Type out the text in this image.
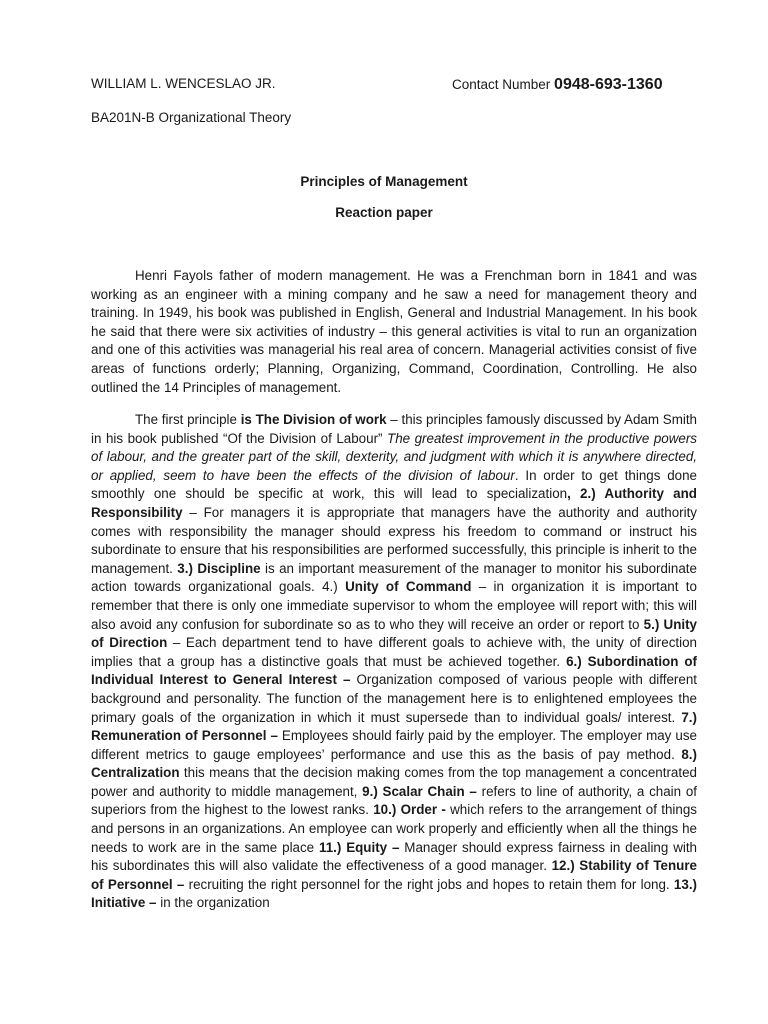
WILLIAM L. WENCESLAO JR.	Contact Number 0948-693-1360
BA201N-B Organizational Theory
Principles of Management
Reaction paper

Henri Fayols father of modern management. He was a Frenchman born in 1841 and was working as an engineer with a mining company and he saw a need for management theory and training. In 1949, his book was published in English, General and Industrial Management. In his book he said that there were six activities of industry – this general activities is vital to run an organization and one of this activities was managerial his real area of concern. Managerial activities consist of five areas of functions orderly; Planning, Organizing, Command, Coordination, Controlling. He also outlined the 14 Principles of management.

The first principle is The Division of work – this principles famously discussed by Adam Smith in his book published “Of the Division of Labour” The greatest improvement in the productive powers of labour, and the greater part of the skill, dexterity, and judgment with which it is anywhere directed, or applied, seem to have been the effects of the division of labour. In order to get things done smoothly one should be specific at work, this will lead to specialization, 2.) Authority and Responsibility – For managers it is appropriate that managers have the authority and authority comes with responsibility the manager should express his freedom to command or instruct his subordinate to ensure that his responsibilities are performed successfully, this principle is inherit to the management. 3.) Discipline is an important measurement of the manager to monitor his subordinate action towards organizational goals. 4.) Unity of Command – in organization it is important to remember that there is only one immediate supervisor to whom the employee will report with; this will also avoid any confusion for subordinate so as to who they will receive an order or report to 5.) Unity of Direction – Each department tend to have different goals to achieve with, the unity of direction implies that a group has a distinctive goals that must be achieved together. 6.) Subordination of Individual Interest to General Interest – Organization composed of various people with different background and personality. The function of the management here is to enlightened employees the primary goals of the organization in which it must supersede than to individual goals/ interest. 7.) Remuneration of Personnel – Employees should fairly paid by the employer. The employer may use different metrics to gauge employees’ performance and use this as the basis of pay method. 8.) Centralization this means that the decision making comes from the top management a concentrated power and authority to middle management, 9.) Scalar Chain – refers to line of authority, a chain of superiors from the highest to the lowest ranks. 10.) Order - which refers to the arrangement of things and persons in an organizations. An employee can work properly and efficiently when all the things he needs to work are in the same place 11.) Equity – Manager should express fairness in dealing with his subordinates this will also validate the effectiveness of a good manager. 12.) Stability of Tenure of Personnel – recruiting the right personnel for the right jobs and hopes to retain them for long. 13.) Initiative – in the organization
